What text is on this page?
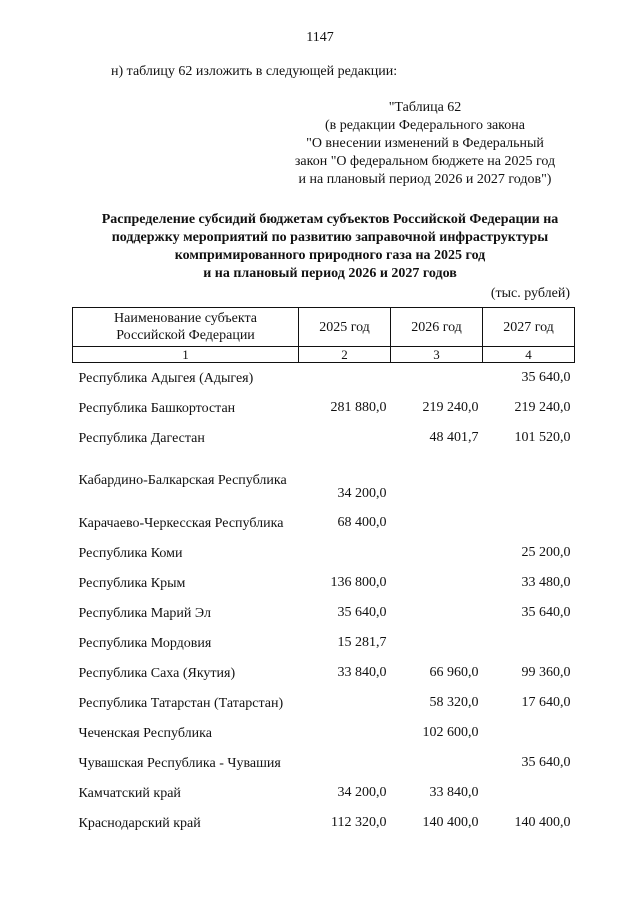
1147
н) таблицу 62 изложить в следующей редакции:
"Таблица 62
(в редакции Федерального закона
"О внесении изменений в Федеральный
закон "О федеральном бюджете на 2025 год
и на плановый период 2026 и 2027 годов")
Распределение субсидий бюджетам субъектов Российской Федерации на
поддержку мероприятий по развитию заправочной инфраструктуры
компримированного природного газа на 2025 год
и на плановый период 2026 и 2027 годов
(тыс. рублей)
Наименование субъекта
Российской Федерации	2025 год	2026 год	2027 год
1	2	3	4
Республика Адыгея (Адыгея)			35 640,0
Республика Башкортостан	281 880,0	219 240,0	219 240,0
Республика Дагестан		48 401,7	101 520,0
Кабардино-Балкарская Республика	34 200,0		
Карачаево-Черкесская Республика	68 400,0		
Республика Коми			25 200,0
Республика Крым	136 800,0		33 480,0
Республика Марий Эл	35 640,0		35 640,0
Республика Мордовия	15 281,7		
Республика Саха (Якутия)	33 840,0	66 960,0	99 360,0
Республика Татарстан (Татарстан)		58 320,0	17 640,0
Чеченская Республика		102 600,0	
Чувашская Республика - Чувашия			35 640,0
Камчатский край	34 200,0	33 840,0	
Краснодарский край	112 320,0	140 400,0	140 400,0
